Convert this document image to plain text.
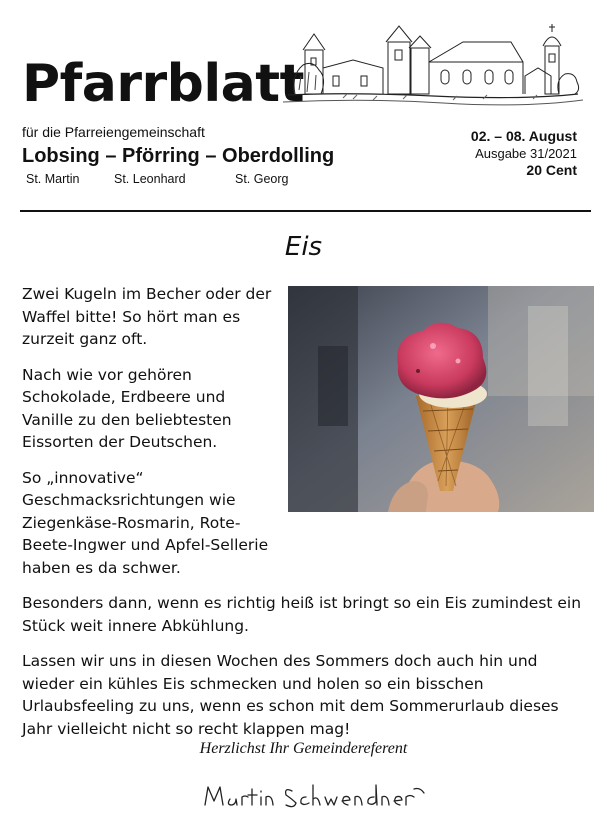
Pfarrblatt
für die Pfarreiengemeinschaft
Lobsing – Pförring – Oberdolling
St. Martin	St. Leonhard	St. Georg
02. – 08. August
Ausgabe 31/2021
20 Cent
Eis

Zwei Kugeln im Becher oder der Waffel bitte! So hört man es zurzeit ganz oft.

Nach wie vor gehören Schokolade, Erdbeere und Vanille zu den beliebtesten Eissorten der Deutschen.

So „innovative“ Geschmacksrichtungen wie Ziegenkäse-Rosmarin, Rote-Beete-Ingwer und Apfel-Sellerie haben es da schwer.

Besonders dann, wenn es richtig heiß ist bringt so ein Eis zumindest ein Stück weit innere Abkühlung.

Lassen wir uns in diesen Wochen des Sommers doch auch hin und wieder ein kühles Eis schmecken und holen so ein bisschen Urlaubsfeeling zu uns, wenn es schon mit dem Sommerurlaub dieses Jahr vielleicht nicht so recht klappen mag!

Herzlichst Ihr Gemeindereferent
